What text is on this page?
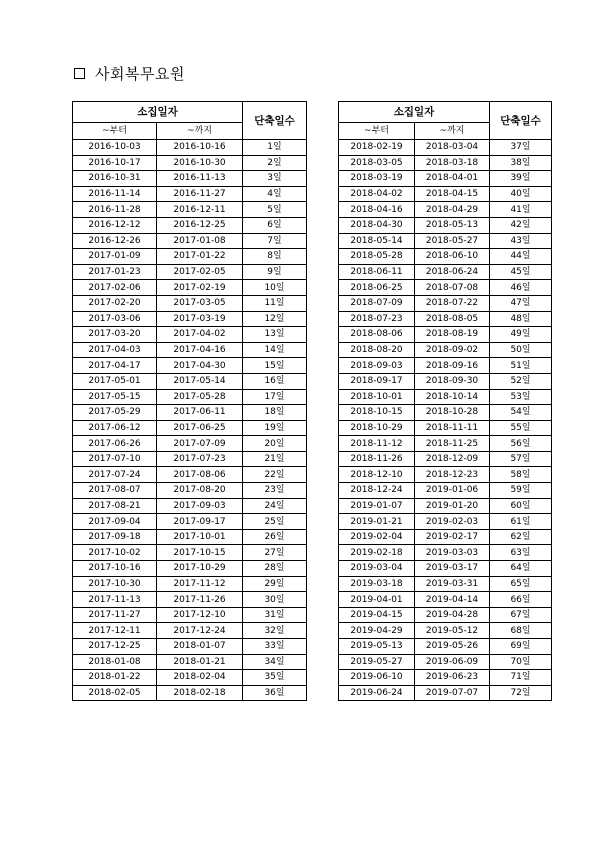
사회복무요원
소집일자		단축일수
~부터	~까지	
2016-10-03	2016-10-16	1일
2016-10-17	2016-10-30	2일
2016-10-31	2016-11-13	3일
2016-11-14	2016-11-27	4일
2016-11-28	2016-12-11	5일
2016-12-12	2016-12-25	6일
2016-12-26	2017-01-08	7일
2017-01-09	2017-01-22	8일
2017-01-23	2017-02-05	9일
2017-02-06	2017-02-19	10일
2017-02-20	2017-03-05	11일
2017-03-06	2017-03-19	12일
2017-03-20	2017-04-02	13일
2017-04-03	2017-04-16	14일
2017-04-17	2017-04-30	15일
2017-05-01	2017-05-14	16일
2017-05-15	2017-05-28	17일
2017-05-29	2017-06-11	18일
2017-06-12	2017-06-25	19일
2017-06-26	2017-07-09	20일
2017-07-10	2017-07-23	21일
2017-07-24	2017-08-06	22일
2017-08-07	2017-08-20	23일
2017-08-21	2017-09-03	24일
2017-09-04	2017-09-17	25일
2017-09-18	2017-10-01	26일
2017-10-02	2017-10-15	27일
2017-10-16	2017-10-29	28일
2017-10-30	2017-11-12	29일
2017-11-13	2017-11-26	30일
2017-11-27	2017-12-10	31일
2017-12-11	2017-12-24	32일
2017-12-25	2018-01-07	33일
2018-01-08	2018-01-21	34일
2018-01-22	2018-02-04	35일
2018-02-05	2018-02-18	36일
소집일자		단축일수
~부터	~까지	
2018-02-19	2018-03-04	37일
2018-03-05	2018-03-18	38일
2018-03-19	2018-04-01	39일
2018-04-02	2018-04-15	40일
2018-04-16	2018-04-29	41일
2018-04-30	2018-05-13	42일
2018-05-14	2018-05-27	43일
2018-05-28	2018-06-10	44일
2018-06-11	2018-06-24	45일
2018-06-25	2018-07-08	46일
2018-07-09	2018-07-22	47일
2018-07-23	2018-08-05	48일
2018-08-06	2018-08-19	49일
2018-08-20	2018-09-02	50일
2018-09-03	2018-09-16	51일
2018-09-17	2018-09-30	52일
2018-10-01	2018-10-14	53일
2018-10-15	2018-10-28	54일
2018-10-29	2018-11-11	55일
2018-11-12	2018-11-25	56일
2018-11-26	2018-12-09	57일
2018-12-10	2018-12-23	58일
2018-12-24	2019-01-06	59일
2019-01-07	2019-01-20	60일
2019-01-21	2019-02-03	61일
2019-02-04	2019-02-17	62일
2019-02-18	2019-03-03	63일
2019-03-04	2019-03-17	64일
2019-03-18	2019-03-31	65일
2019-04-01	2019-04-14	66일
2019-04-15	2019-04-28	67일
2019-04-29	2019-05-12	68일
2019-05-13	2019-05-26	69일
2019-05-27	2019-06-09	70일
2019-06-10	2019-06-23	71일
2019-06-24	2019-07-07	72일
